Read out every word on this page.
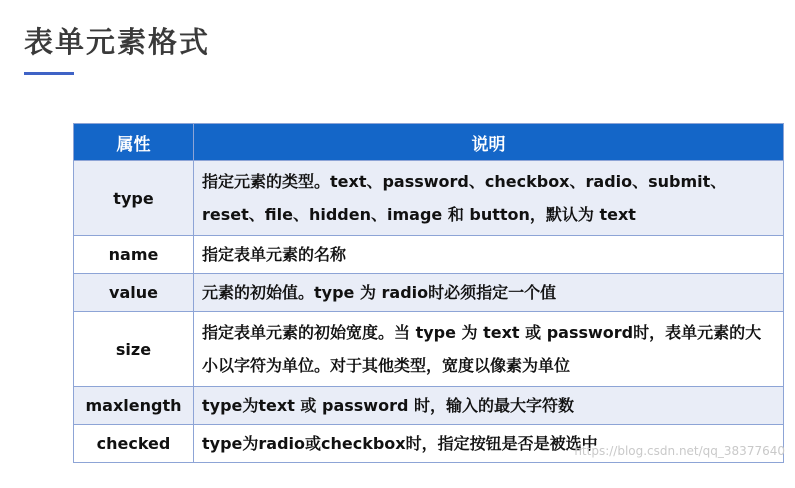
表单元素格式
属性	说明
type	指定元素的类型。text、password、checkbox、radio、submit、reset、file、hidden、image 和 button，默认为 text
name	指定表单元素的名称
value	元素的初始值。type 为 radio时必须指定一个值
size	指定表单元素的初始宽度。当 type 为 text 或 password时，表单元素的大小以字符为单位。对于其他类型，宽度以像素为单位
maxlength	type为text 或 password 时，输入的最大字符数
checked	type为radio或checkbox时，指定按钮是否是被选中
https://blog.csdn.net/qq_38377640
